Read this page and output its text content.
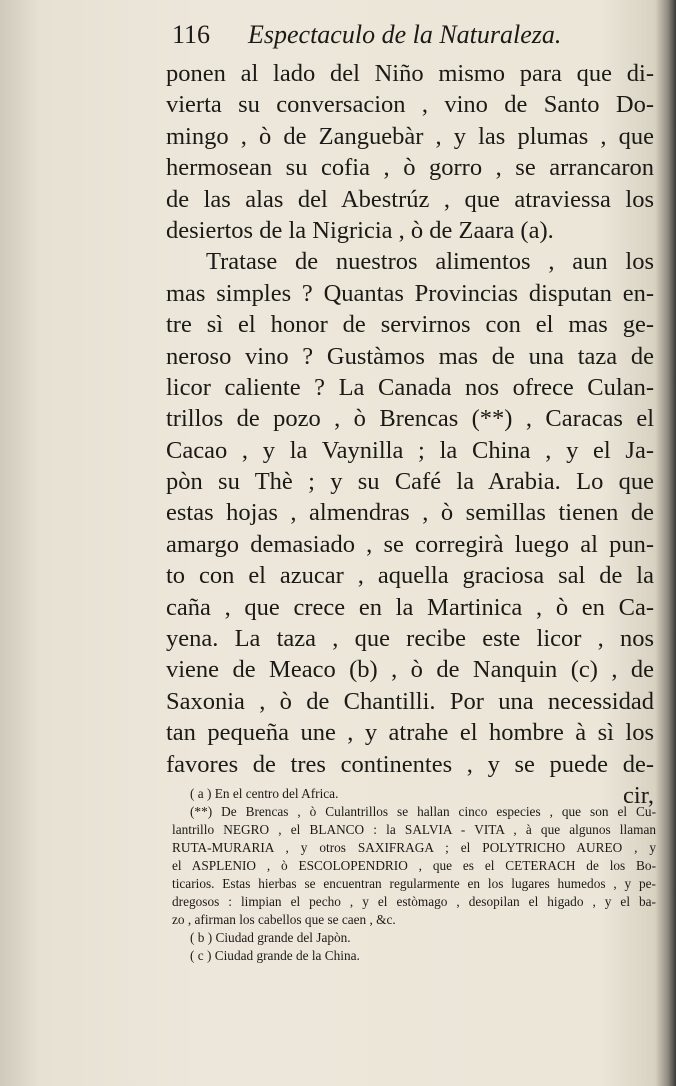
116 Espectaculo de la Naturaleza.
ponen al lado del Niño mismo para que di-
vierta su conversacion , vino de Santo Do-
mingo , ò de Zanguebàr , y las plumas , que
hermosean su cofia , ò gorro , se arrancaron
de las alas del Abestrúz , que atraviessa los
desiertos de la Nigricia , ò de Zaara (a).
Tratase de nuestros alimentos , aun los
mas simples ? Quantas Provincias disputan en-
tre sì el honor de servirnos con el mas ge-
neroso vino ? Gustàmos mas de una taza de
licor caliente ? La Canada nos ofrece Culan-
trillos de pozo , ò Brencas (**) , Caracas el
Cacao , y la Vaynilla ; la China , y el Ja-
pòn su Thè ; y su Café la Arabia. Lo que
estas hojas , almendras , ò semillas tienen de
amargo demasiado , se corregirà luego al pun-
to con el azucar , aquella graciosa sal de la
caña , que crece en la Martinica , ò en Ca-
yena. La taza , que recibe este licor , nos
viene de Meaco (b) , ò de Nanquin (c) , de
Saxonia , ò de Chantilli. Por una necessidad
tan pequeña une , y atrahe el hombre à sì los
favores de tres continentes , y se puede de-
cir,
( a ) En el centro del Africa.
(**) De Brencas , ò Culantrillos se hallan cinco especies , que son el Cu-
lantrillo NEGRO , el BLANCO : la SALVIA - VITA , à que algunos llaman
RUTA-MURARIA , y otros SAXIFRAGA ; el POLYTRICHO AUREO , y
el ASPLENIO , ò ESCOLOPENDRIO , que es el CETERACH de los Bo-
ticarios. Estas hierbas se encuentran regularmente en los lugares humedos , y pe-
dregosos : limpian el pecho , y el estòmago , desopilan el higado , y el ba-
zo , afirman los cabellos que se caen , &c.
( b ) Ciudad grande del Japòn.
( c ) Ciudad grande de la China.
